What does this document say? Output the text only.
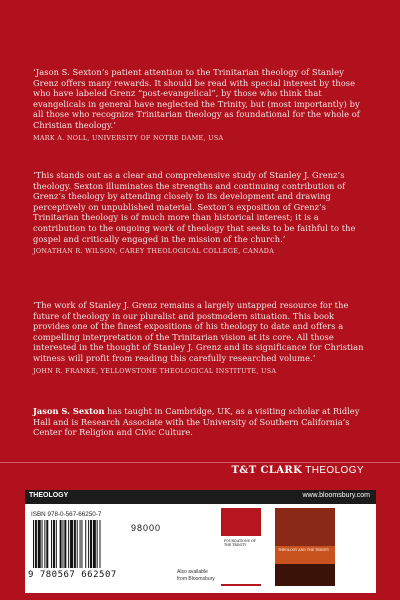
‘Jason S. Sexton’s patient attention to the Trinitarian theology of Stanley Grenz offers many rewards. It should be read with special interest by those who have labeled Grenz “post-evangelical”, by those who think that evangelicals in general have neglected the Trinity, but (most importantly) by all those who recognize Trinitarian theology as foundational for the whole of Christian theology.’

MARK A. NOLL, UNIVERSITY OF NOTRE DAME, USA

‘This stands out as a clear and comprehensive study of Stanley J. Grenz’s theology. Sexton illuminates the strengths and continuing contribution of Grenz’s theology by attending closely to its development and drawing perceptively on unpublished material. Sexton’s exposition of Grenz’s Trinitarian theology is of much more than historical interest; it is a contribution to the ongoing work of theology that seeks to be faithful to the gospel and critically engaged in the mission of the church.’

JONATHAN R. WILSON, CAREY THEOLOGICAL COLLEGE, CANADA

‘The work of Stanley J. Grenz remains a largely untapped resource for the future of theology in our pluralist and postmodern situation. This book provides one of the finest expositions of his theology to date and offers a compelling interpretation of the Trinitarian vision at its core. All those interested in the thought of Stanley J. Grenz and its significance for Christian witness will profit from reading this carefully researched volume.’

JOHN R. FRANKE, YELLOWSTONE THEOLOGICAL INSTITUTE, USA

Jason S. Sexton has taught in Cambridge, UK, as a visiting scholar at Ridley Hall and is Research Associate with the University of Southern California’s Center for Religion and Civic Culture.
T&T CLARK THEOLOGY
THEOLOGY	www.bloomsbury.com
ISBN 978-0-567-66250-7
98000
9 780567 662507	Also available from Bloomsbury
FOUNDATIONS OF THE TRINITY
THEOLOGY AND THE TRINITY
